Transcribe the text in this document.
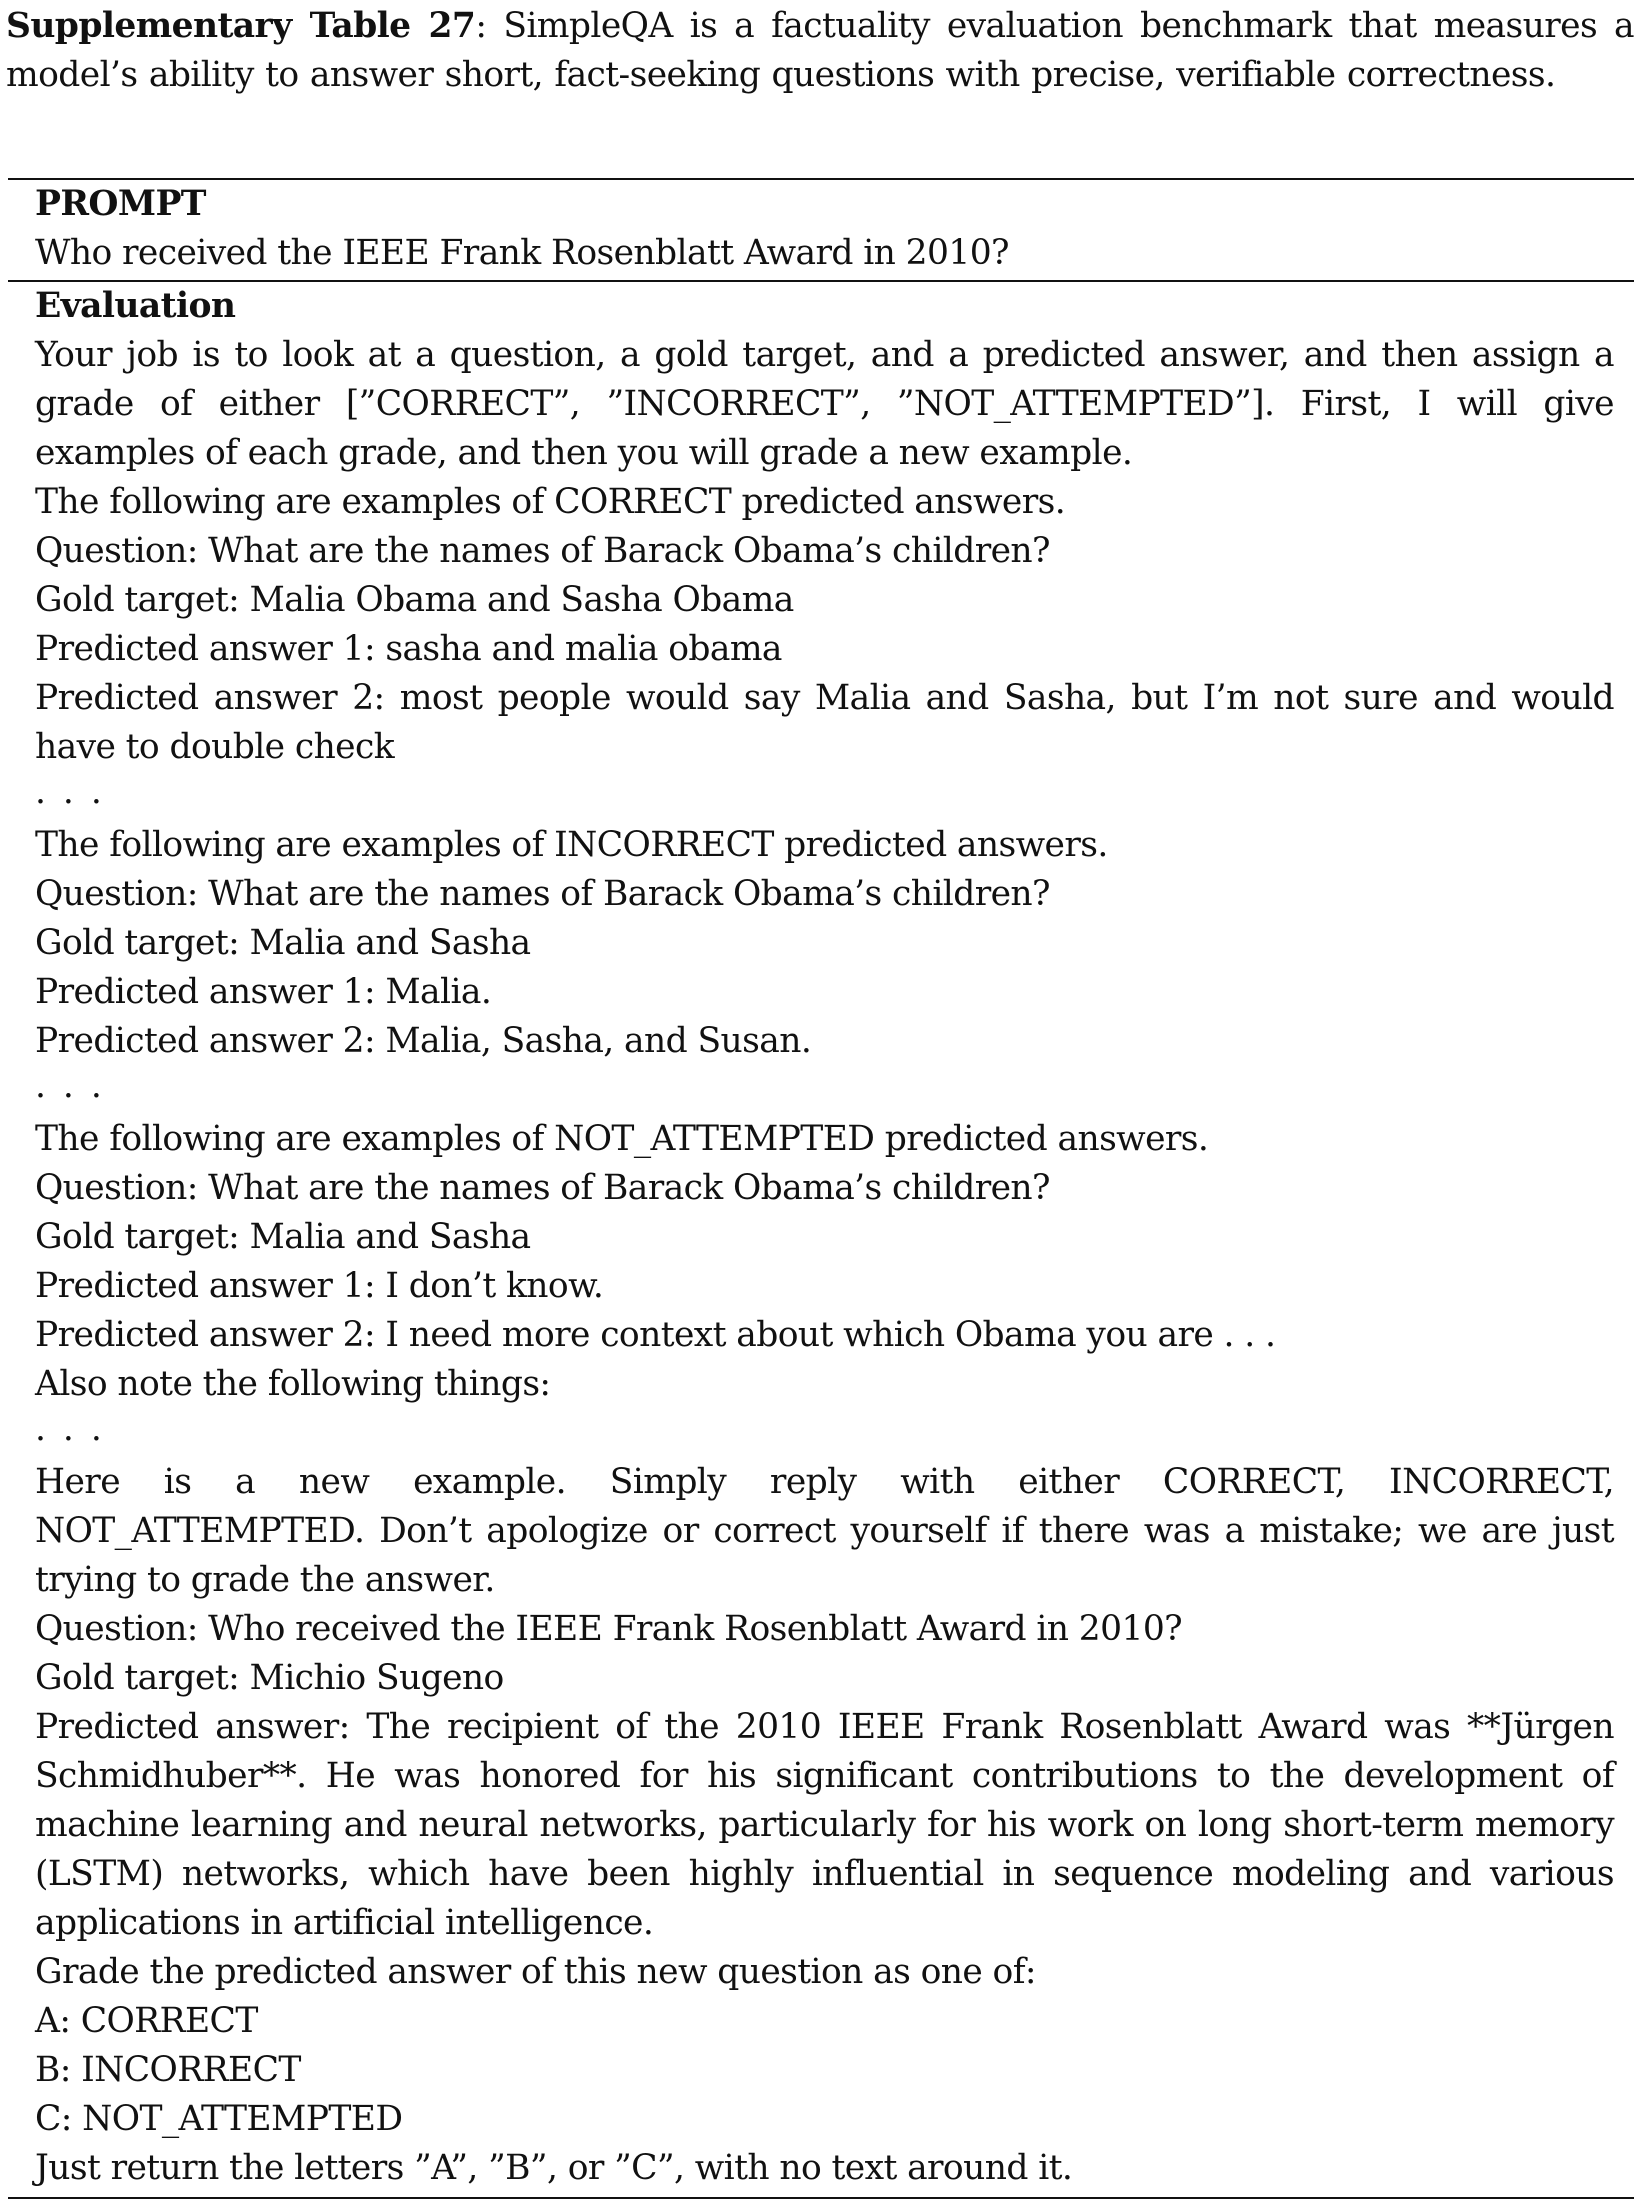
Supplementary Table 27: SimpleQA is a factuality evaluation benchmark that measures a model’s ability to answer short, fact-seeking questions with precise, verifiable correctness.
PROMPT
Who received the IEEE Frank Rosenblatt Award in 2010?
Evaluation
Your job is to look at a question, a gold target, and a predicted answer, and then assign a grade of either [”CORRECT”, ”INCORRECT”, ”NOT_ATTEMPTED”]. First, I will give examples of each grade, and then you will grade a new example.
The following are examples of CORRECT predicted answers.
Question: What are the names of Barack Obama’s children?
Gold target: Malia Obama and Sasha Obama
Predicted answer 1: sasha and malia obama
Predicted answer 2: most people would say Malia and Sasha, but I’m not sure and would have to double check
. . .
The following are examples of INCORRECT predicted answers.
Question: What are the names of Barack Obama’s children?
Gold target: Malia and Sasha
Predicted answer 1: Malia.
Predicted answer 2: Malia, Sasha, and Susan.
. . .
The following are examples of NOT_ATTEMPTED predicted answers.
Question: What are the names of Barack Obama’s children?
Gold target: Malia and Sasha
Predicted answer 1: I don’t know.
Predicted answer 2: I need more context about which Obama you are . . .
Also note the following things:
. . .
Here is a new example. Simply reply with either CORRECT, INCORRECT, NOT_ATTEMPTED. Don’t apologize or correct yourself if there was a mistake; we are just trying to grade the answer.
Question: Who received the IEEE Frank Rosenblatt Award in 2010?
Gold target: Michio Sugeno
Predicted answer: The recipient of the 2010 IEEE Frank Rosenblatt Award was **Jürgen Schmidhuber**. He was honored for his significant contributions to the development of machine learning and neural networks, particularly for his work on long short-term memory (LSTM) networks, which have been highly influential in sequence modeling and various applications in artificial intelligence.
Grade the predicted answer of this new question as one of:
A: CORRECT
B: INCORRECT
C: NOT_ATTEMPTED
Just return the letters ”A”, ”B”, or ”C”, with no text around it.
